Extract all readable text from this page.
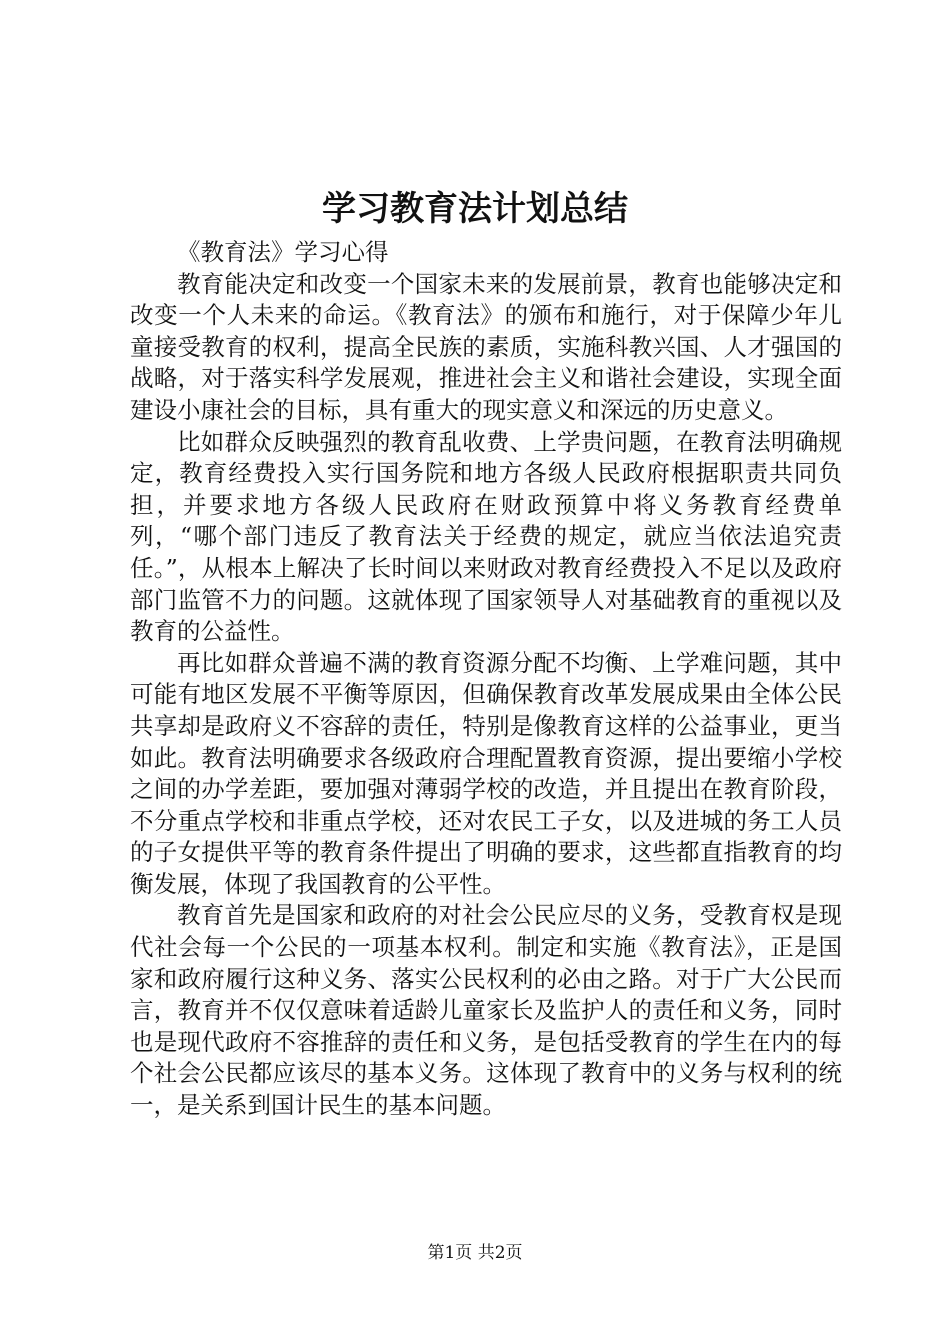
学习教育法计划总结

《教育法》学习心得

教育能决定和改变一个国家未来的发展前景，教育也能够决定和改变一个人未来的命运。《教育法》的颁布和施行，对于保障少年儿童接受教育的权利，提高全民族的素质，实施科教兴国、人才强国的战略，对于落实科学发展观，推进社会主义和谐社会建设，实现全面建设小康社会的目标，具有重大的现实意义和深远的历史意义。

比如群众反映强烈的教育乱收费、上学贵问题，在教育法明确规定，教育经费投入实行国务院和地方各级人民政府根据职责共同负担，并要求地方各级人民政府在财政预算中将义务教育经费单列，“哪个部门违反了教育法关于经费的规定，就应当依法追究责任。”，从根本上解决了长时间以来财政对教育经费投入不足以及政府部门监管不力的问题。这就体现了国家领导人对基础教育的重视以及教育的公益性。

再比如群众普遍不满的教育资源分配不均衡、上学难问题，其中可能有地区发展不平衡等原因，但确保教育改革发展成果由全体公民共享却是政府义不容辞的责任，特别是像教育这样的公益事业，更当如此。教育法明确要求各级政府合理配置教育资源，提出要缩小学校之间的办学差距，要加强对薄弱学校的改造，并且提出在教育阶段，不分重点学校和非重点学校，还对农民工子女，以及进城的务工人员的子女提供平等的教育条件提出了明确的要求，这些都直指教育的均衡发展，体现了我国教育的公平性。

教育首先是国家和政府的对社会公民应尽的义务，受教育权是现代社会每一个公民的一项基本权利。制定和实施《教育法》，正是国家和政府履行这种义务、落实公民权利的必由之路。对于广大公民而言，教育并不仅仅意味着适龄儿童家长及监护人的责任和义务，同时也是现代政府不容推辞的责任和义务，是包括受教育的学生在内的每个社会公民都应该尽的基本义务。这体现了教育中的义务与权利的统一，是关系到国计民生的基本问题。

第1页 共2页
